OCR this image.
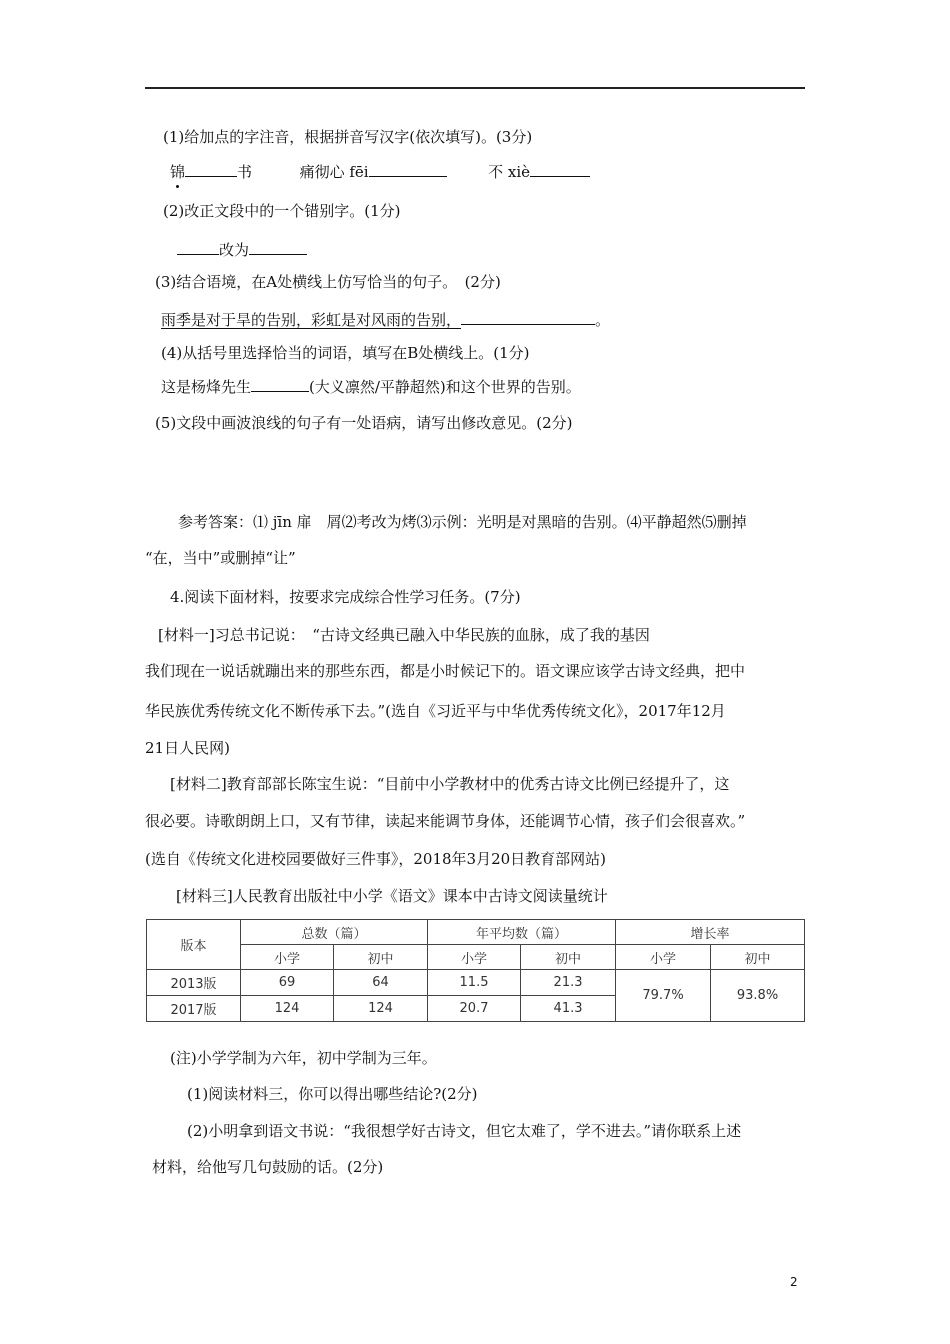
(1)给加点的字注音，根据拼音写汉字(依次填写)。(3分)
锦	书	痛彻心 fēi	不 xiè
(2)改正文段中的一个错别字。(1分)
改为
(3)结合语境，在A处横线上仿写恰当的句子。　(2分)
雨季是对于旱的告别，彩虹是对风雨的告别，	。
(4)从括号里选择恰当的词语，填写在B处横线上。(1分)
这是杨烽先生	(大义凛然/平静超然)和这个世界的告别。
(5)文段中画波浪线的句子有一处语病，请写出修改意见。(2分)
参考答案：⑴ jīn 扉　屑⑵考改为烤⑶示例：光明是对黑暗的告别。⑷平静超然⑸删掉
“在，当中”或删掉“让”
4.阅读下面材料，按要求完成综合性学习任务。(7分)
[材料一]习总书记说：　“古诗文经典已融入中华民族的血脉，成了我的基因
我们现在一说话就蹦出来的那些东西，都是小时候记下的。语文课应该学古诗文经典，把中
华民族优秀传统文化不断传承下去。”(选自《习近平与中华优秀传统文化》，2017年12月
21日人民网)
[材料二]教育部部长陈宝生说：“目前中小学教材中的优秀古诗文比例已经提升了，这
很必要。诗歌朗朗上口，又有节律，读起来能调节身体，还能调节心情，孩子们会很喜欢。”
(选自《传统文化进校园要做好三件事》，2018年3月20日教育部网站)
[材料三]人民教育出版社中小学《语文》课本中古诗文阅读量统计
版本	总数（篇）		年平均数（篇）		增长率	
	小学	初中	小学	初中	小学	初中
2013版	69	64	11.5	21.3	79.7%	93.8%
2017版	124	124	20.7	41.3		
(注)小学学制为六年，初中学制为三年。
(1)阅读材料三，你可以得出哪些结论?(2分)
(2)小明拿到语文书说：“我很想学好古诗文，但它太难了，学不进去。”请你联系上述
材料，给他写几句鼓励的话。(2分)
2
